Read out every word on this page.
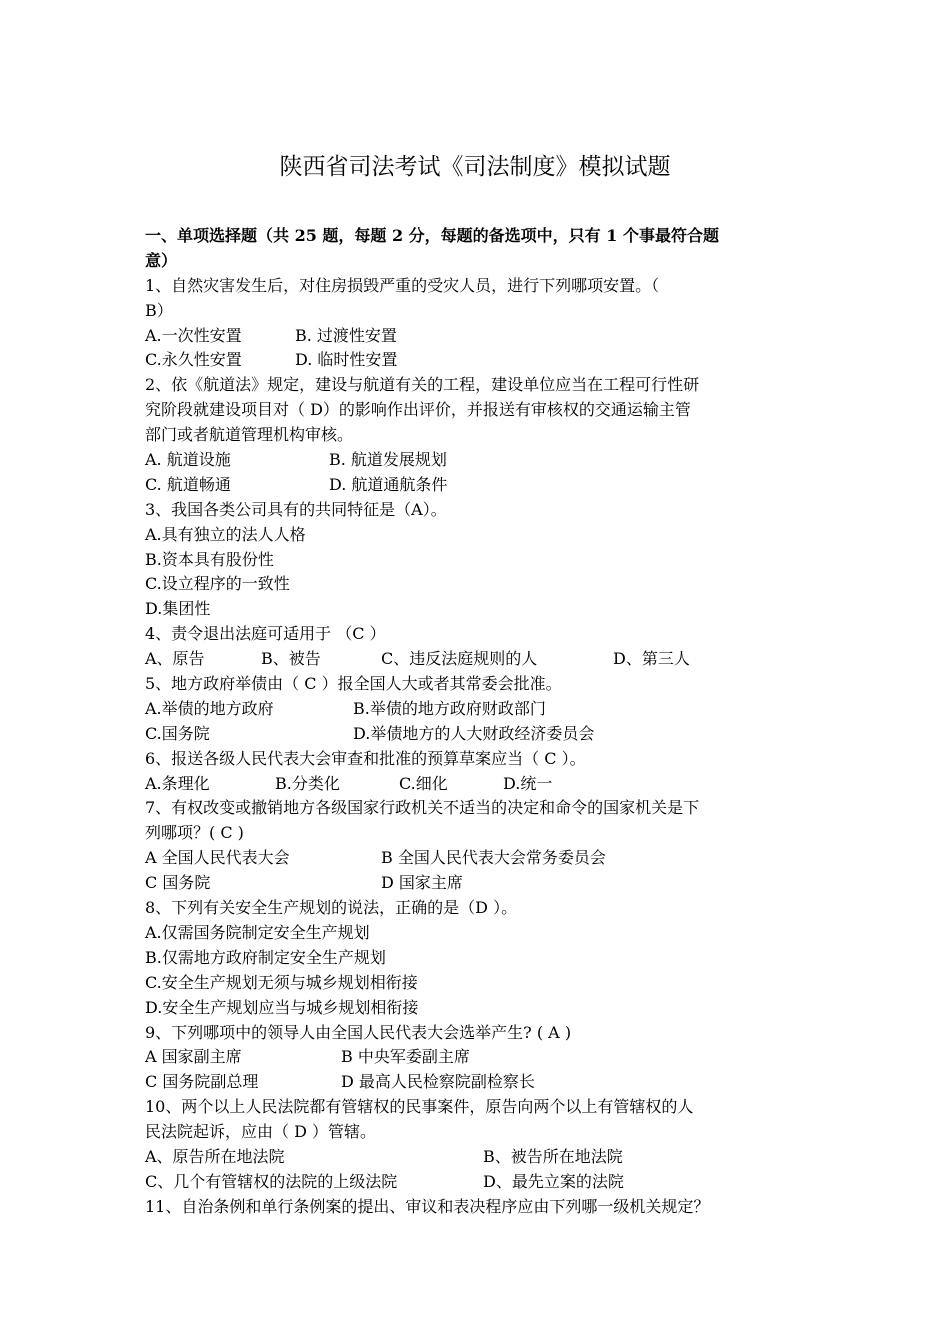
陕西省司法考试《司法制度》模拟试题
一、单项选择题（共 25 题，每题 2 分，每题的备选项中，只有 1 个事最符合题
意）
1、自然灾害发生后，对住房损毁严重的受灾人员，进行下列哪项安置。（
B）
A.一次性安置	B. 过渡性安置
C.永久性安置	D. 临时性安置
2、依《航道法》规定，建设与航道有关的工程，建设单位应当在工程可行性研
究阶段就建设项目对（ D）的影响作出评价，并报送有审核权的交通运输主管
部门或者航道管理机构审核。
A. 航道设施	B. 航道发展规划
C. 航道畅通	D. 航道通航条件
3、我国各类公司具有的共同特征是（A）。
A.具有独立的法人人格
B.资本具有股份性
C.设立程序的一致性
D.集团性
4、责令退出法庭可适用于 （C ）
A、原告	B、被告	C、违反法庭规则的人	D、第三人
5、地方政府举债由（ C ）报全国人大或者其常委会批准。
A.举债的地方政府	B.举债的地方政府财政部门
C.国务院	D.举债地方的人大财政经济委员会
6、报送各级人民代表大会审查和批准的预算草案应当（ C ）。
A.条理化	B.分类化	C.细化	D.统一
7、有权改变或撤销地方各级国家行政机关不适当的决定和命令的国家机关是下
列哪项？( C )
A 全国人民代表大会	B 全国人民代表大会常务委员会
C 国务院	D 国家主席
8、下列有关安全生产规划的说法，正确的是（D ）。
A.仅需国务院制定安全生产规划
B.仅需地方政府制定安全生产规划
C.安全生产规划无须与城乡规划相衔接
D.安全生产规划应当与城乡规划相衔接
9、下列哪项中的领导人由全国人民代表大会选举产生? ( A )
A 国家副主席	B 中央军委副主席
C 国务院副总理	D 最高人民检察院副检察长
10、两个以上人民法院都有管辖权的民事案件，原告向两个以上有管辖权的人
民法院起诉，应由（ D ）管辖。
A、原告所在地法院	B、被告所在地法院
C、几个有管辖权的法院的上级法院	D、最先立案的法院
11、自治条例和单行条例案的提出、审议和表决程序应由下列哪一级机关规定？
